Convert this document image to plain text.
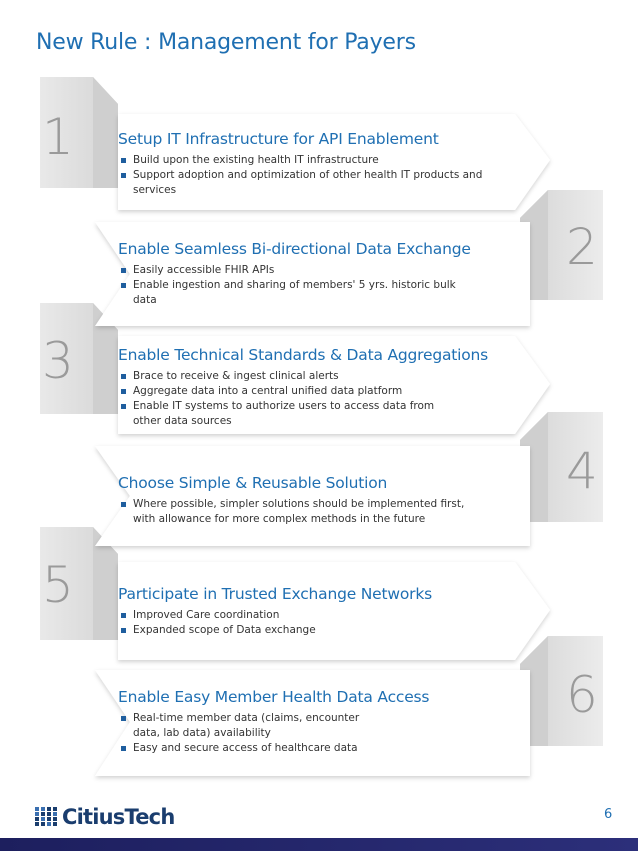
New Rule : Management for Payers
1
2
3
4
5
6
Setup IT Infrastructure for API Enablement
Build upon the existing health IT infrastructure
Support adoption and optimization of other health IT products and services
Enable Seamless Bi-directional Data Exchange
Easily accessible FHIR APIs
Enable ingestion and sharing of members' 5 yrs. historic bulk data
Enable Technical Standards & Data Aggregations
Brace to receive & ingest clinical alerts
Aggregate data into a central unified data platform
Enable IT systems to authorize users to access data from other data sources
Choose Simple & Reusable Solution
Where possible, simpler solutions should be implemented first, with allowance for more complex methods in the future
Participate in Trusted Exchange Networks
Improved Care coordination
Expanded scope of Data exchange
Enable Easy Member Health Data Access
Real-time member data (claims, encounter data, lab data) availability
Easy and secure access of healthcare data
CitiusTech	6
